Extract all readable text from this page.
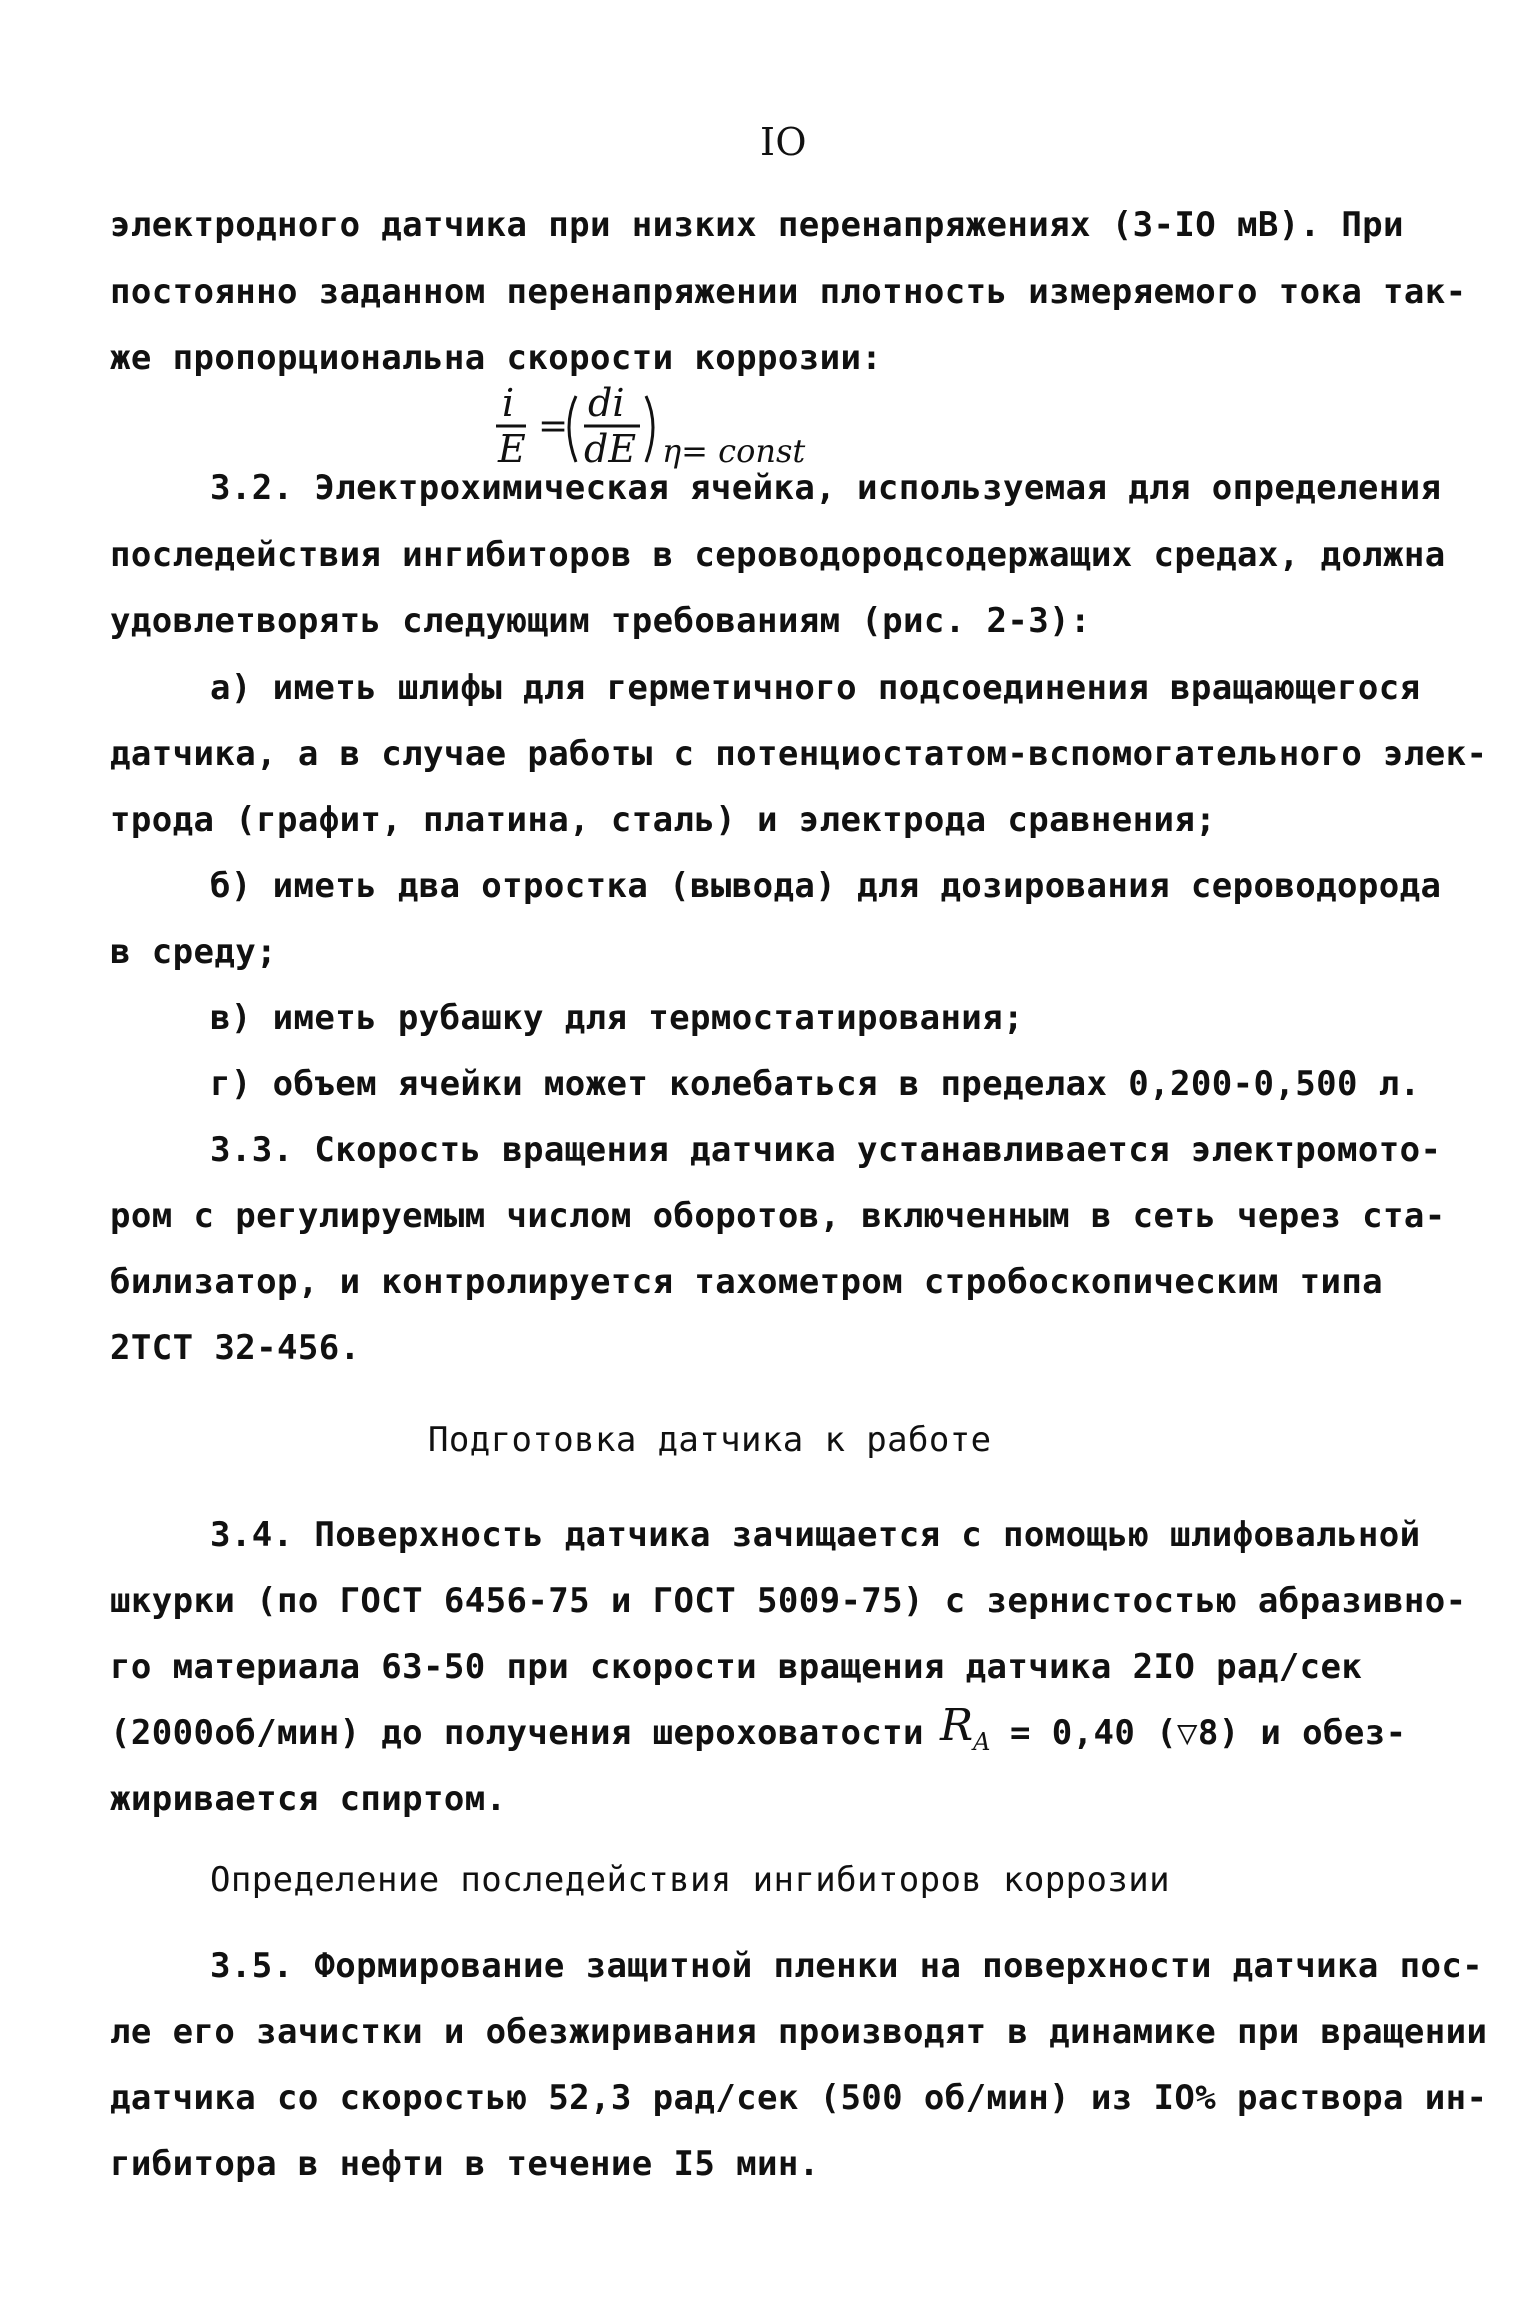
IO
электродного датчика при низких перенапряжениях (3-IO мВ). При
постоянно заданном перенапряжении плотность измеряемого тока так-
же пропорциональна скорости коррозии:
i
E
=
di
dE η= const
3.2. Электрохимическая ячейка, используемая для определения
последействия ингибиторов в сероводородсодержащих средах, должна
удовлетворять следующим требованиям (рис. 2-3):
а) иметь шлифы для герметичного подсоединения вращающегося
датчика, а в случае работы с потенциостатом-вспомогательного элек-
трода (графит, платина, сталь) и электрода сравнения;
б) иметь два отростка (вывода) для дозирования сероводорода
в среду;
в) иметь рубашку для термостатирования;
г) объем ячейки может колебаться в пределах 0,200-0,500 л.
3.3. Скорость вращения датчика устанавливается электромото-
ром с регулируемым числом оборотов, включенным в сеть через ста-
билизатор, и контролируется тахометром стробоскопическим типа
2ТСТ 32-456.
Подготовка датчика к работе
3.4. Поверхность датчика зачищается с помощью шлифовальной
шкурки (по ГОСТ 6456-75 и ГОСТ 5009-75) с зернистостью абразивно-
го материала 63-50 при скорости вращения датчика 2IO рад/сек
(2000об/мин) до получения шероховатости $R_A = 0,40$ (▽8) и обез-
жиривается спиртом.
Определение последействия ингибиторов коррозии
3.5. Формирование защитной пленки на поверхности датчика пос-
ле его зачистки и обезжиривания производят в динамике при вращении
датчика со скоростью 52,3 рад/сек (500 об/мин) из IO% раствора ин-
гибитора в нефти в течение I5 мин.
